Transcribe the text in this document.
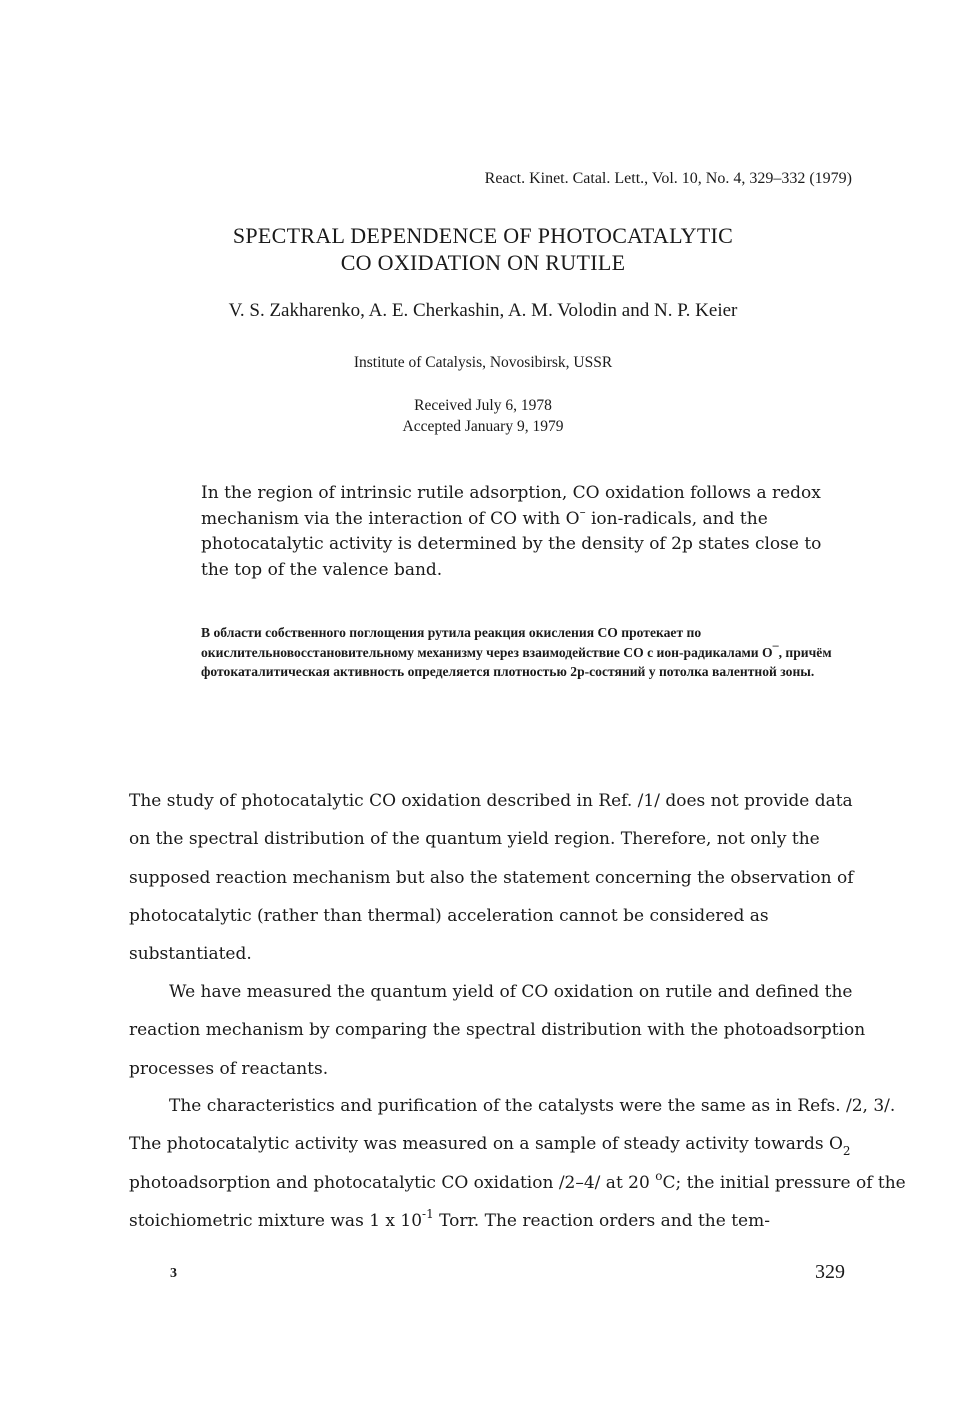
React. Kinet. Catal. Lett., Vol. 10, No. 4, 329–332 (1979)
SPECTRAL DEPENDENCE OF PHOTOCATALYTIC
CO OXIDATION ON RUTILE
V. S. Zakharenko, A. E. Cherkashin, A. M. Volodin and N. P. Keier
Institute of Catalysis, Novosibirsk, USSR
Received July 6, 1978
Accepted January 9, 1979
In the region of intrinsic rutile adsorption, CO oxidation follows a redox mechanism via the interaction of CO with O– ion-radicals, and the photocatalytic activity is determined by the density of 2p states close to the top of the valence band.
В области собственного поглощения рутила реакция окисления CO протекает по окислительновосстановительному механизму через взаимодействие CO с ион-радикалами O–, причём фотокаталитическая активность определяется плотностью 2p-состяний у потолка валентной зоны.
The study of photocatalytic CO oxidation described in Ref. /1/ does not provide data on the spectral distribution of the quantum yield region. Therefore, not only the supposed reaction mechanism but also the statement concerning the observation of photocatalytic (rather than thermal) acceleration cannot be considered as substantiated.
We have measured the quantum yield of CO oxidation on rutile and defined the reaction mechanism by comparing the spectral distribution with the photoadsorption processes of reactants.
The characteristics and purification of the catalysts were the same as in Refs. /2, 3/. The photocatalytic activity was measured on a sample of steady activity towards $O_2$ photoadsorption and photocatalytic CO oxidation /2–4/ at 20 $^o$C; the initial pressure of the stoichiometric mixture was 1 x $10^{-1}$ Torr. The reaction orders and the tem-
3	329
